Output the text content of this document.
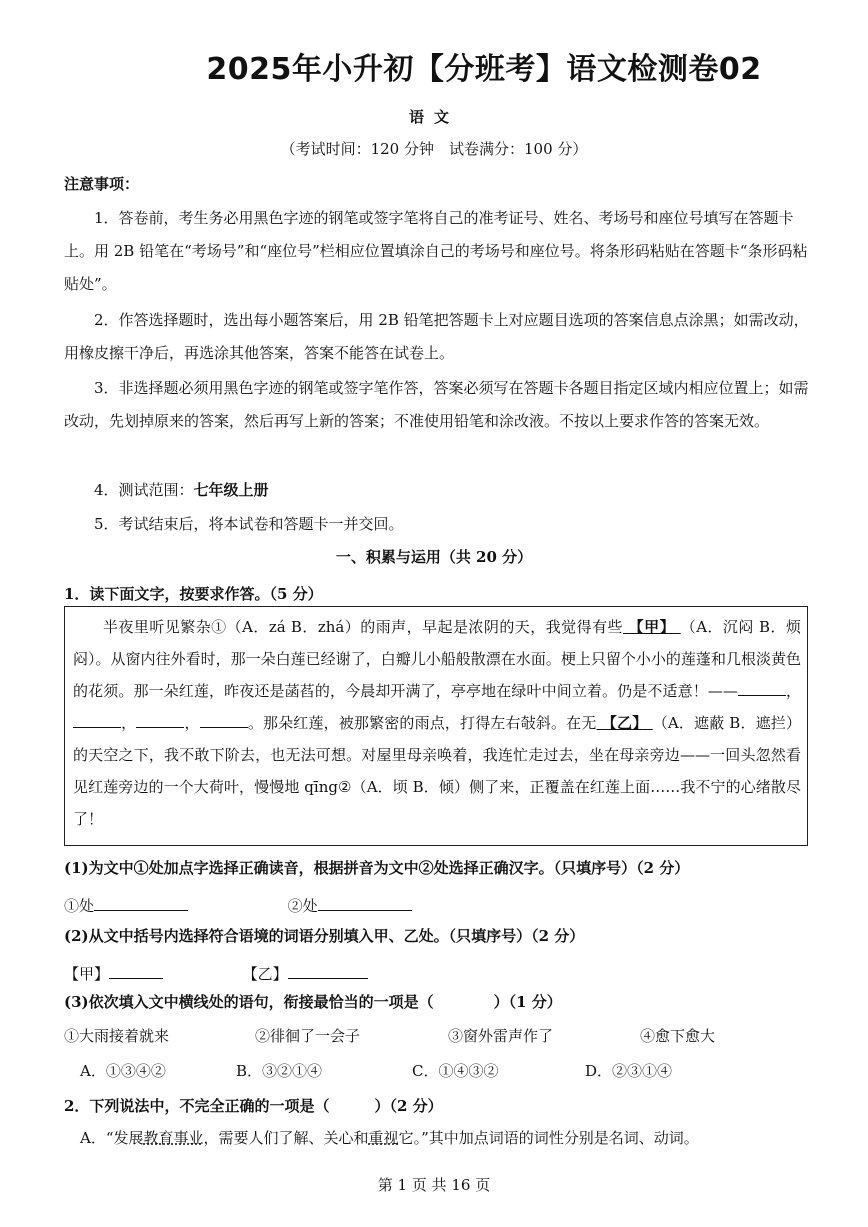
2025年小升初【分班考】语文检测卷02
语文
（考试时间：120 分钟　试卷满分：100 分）
注意事项：
1．答卷前，考生务必用黑色字迹的钢笔或签字笔将自己的准考证号、姓名、考场号和座位号填写在答题卡上。用 2B 铅笔在“考场号”和“座位号”栏相应位置填涂自己的考场号和座位号。将条形码粘贴在答题卡“条形码粘贴处”。
2．作答选择题时，选出每小题答案后，用 2B 铅笔把答题卡上对应题目选项的答案信息点涂黑；如需改动，用橡皮擦干净后，再选涂其他答案，答案不能答在试卷上。
3．非选择题必须用黑色字迹的钢笔或签字笔作答，答案必须写在答题卡各题目指定区域内相应位置上；如需改动，先划掉原来的答案，然后再写上新的答案；不准使用铅笔和涂改液。不按以上要求作答的答案无效。
4．测试范围：七年级上册
5．考试结束后，将本试卷和答题卡一并交回。
一、积累与运用（共 20 分）
1．读下面文字，按要求作答。（5 分）
半夜里听见繁杂①（A．zá B．zhá）的雨声，早起是浓阴的天，我觉得有些 【甲】 （A．沉闷 B．烦闷）。从窗内往外看时，那一朵白莲已经谢了，白瓣儿小船般散漂在水面。梗上只留个小小的莲蓬和几根淡黄色的花须。那一朵红莲，昨夜还是菡萏的，今晨却开满了，亭亭地在绿叶中间立着。仍是不适意！——	，，	，	。那朵红莲，被那繁密的雨点，打得左右敧斜。在无 【乙】 （A．遮蔽 B．遮拦）的天空之下，我不敢下阶去，也无法可想。对屋里母亲唤着，我连忙走过去，坐在母亲旁边——一回头忽然看见红莲旁边的一个大荷叶，慢慢地 qīng②（A．顷 B．倾）侧了来，正覆盖在红莲上面……我不宁的心绪散尽了！
(1)为文中①处加点字选择正确读音，根据拼音为文中②处选择正确汉字。（只填序号）（2 分）
①处	②处
(2)从文中括号内选择符合语境的词语分别填入甲、乙处。（只填序号）（2 分）
【甲】	【乙】
(3)依次填入文中横线处的语句，衔接最恰当的一项是（　　　　）（1 分）
①大雨接着就来	②徘徊了一会子	③窗外雷声作了	④愈下愈大
A．①③④②	B．③②①④	C．①④③②	D．②③①④
2．下列说法中，不完全正确的一项是（　　　）（2 分）
A．“发展教育事业，需要人们了解、关心和重视它。”其中加点词语的词性分别是名词、动词。
第 1 页 共 16 页
